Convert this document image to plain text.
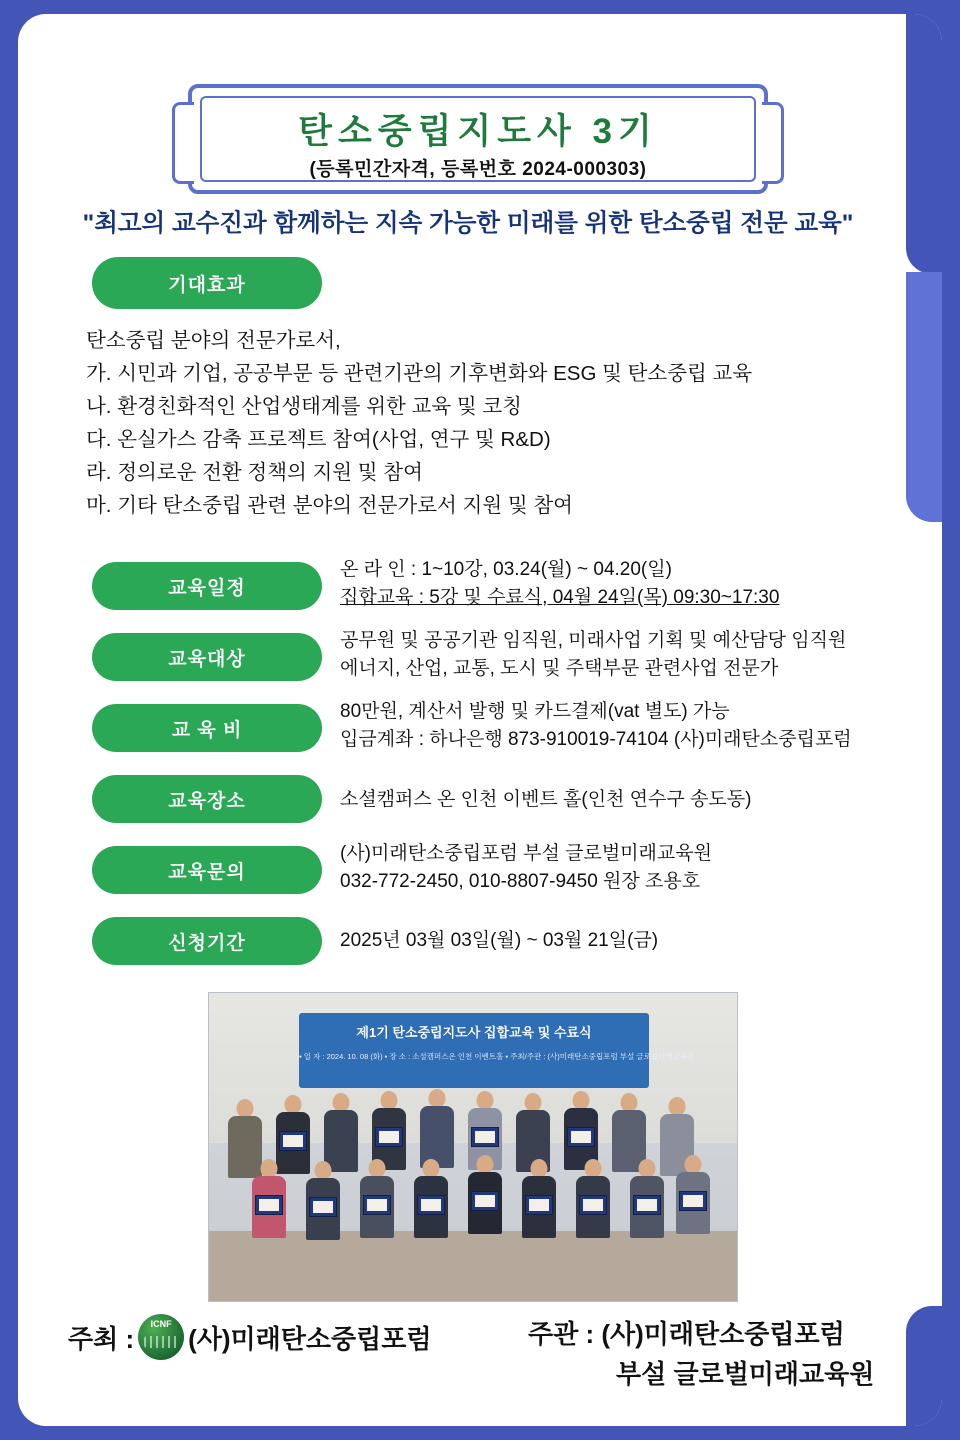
탄소중립지도사 3기
(등록민간자격, 등록번호 2024-000303)
"최고의 교수진과 함께하는 지속 가능한 미래를 위한 탄소중립 전문 교육"
기대효과
탄소중립 분야의 전문가로서,
가. 시민과 기업, 공공부문 등 관련기관의 기후변화와 ESG 및 탄소중립 교육
나. 환경친화적인 산업생태계를 위한 교육 및 코칭
다. 온실가스 감축 프로젝트 참여(사업, 연구 및 R&D)
라. 정의로운 전환 정책의 지원 및 참여
마. 기타 탄소중립 관련 분야의 전문가로서 지원 및 참여
교육일정
온 라 인 : 1~10강, 03.24(월) ~ 04.20(일)
집합교육 : 5강 및 수료식, 04월 24일(목) 09:30~17:30
교육대상
공무원 및 공공기관 임직원, 미래사업 기획 및 예산담당 임직원
에너지, 산업, 교통, 도시 및 주택부문 관련사업 전문가
교 육 비
80만원, 계산서 발행 및 카드결제(vat 별도) 가능
입금계좌 : 하나은행 873-910019-74104 (사)미래탄소중립포럼
교육장소	소셜캠퍼스 온 인천 이벤트 홀(인천 연수구 송도동)
교육문의
(사)미래탄소중립포럼 부설 글로벌미래교육원
032-772-2450, 010-8807-9450 원장 조용호
신청기간	2025년 03월 03일(월) ~ 03월 21일(금)
제1기 탄소중립지도사 집합교육 및 수료식
▪ 일 자 : 2024. 10. 08 (화) ▪ 장 소 : 소셜캠퍼스온 인천 이벤트홀 ▪ 주최/주관 : (사)미래탄소중립포럼 부설 글로벌미래교육원
주최 : ICNF (사)미래탄소중립포럼	주관 : (사)미래탄소중립포럼
부설 글로벌미래교육원
